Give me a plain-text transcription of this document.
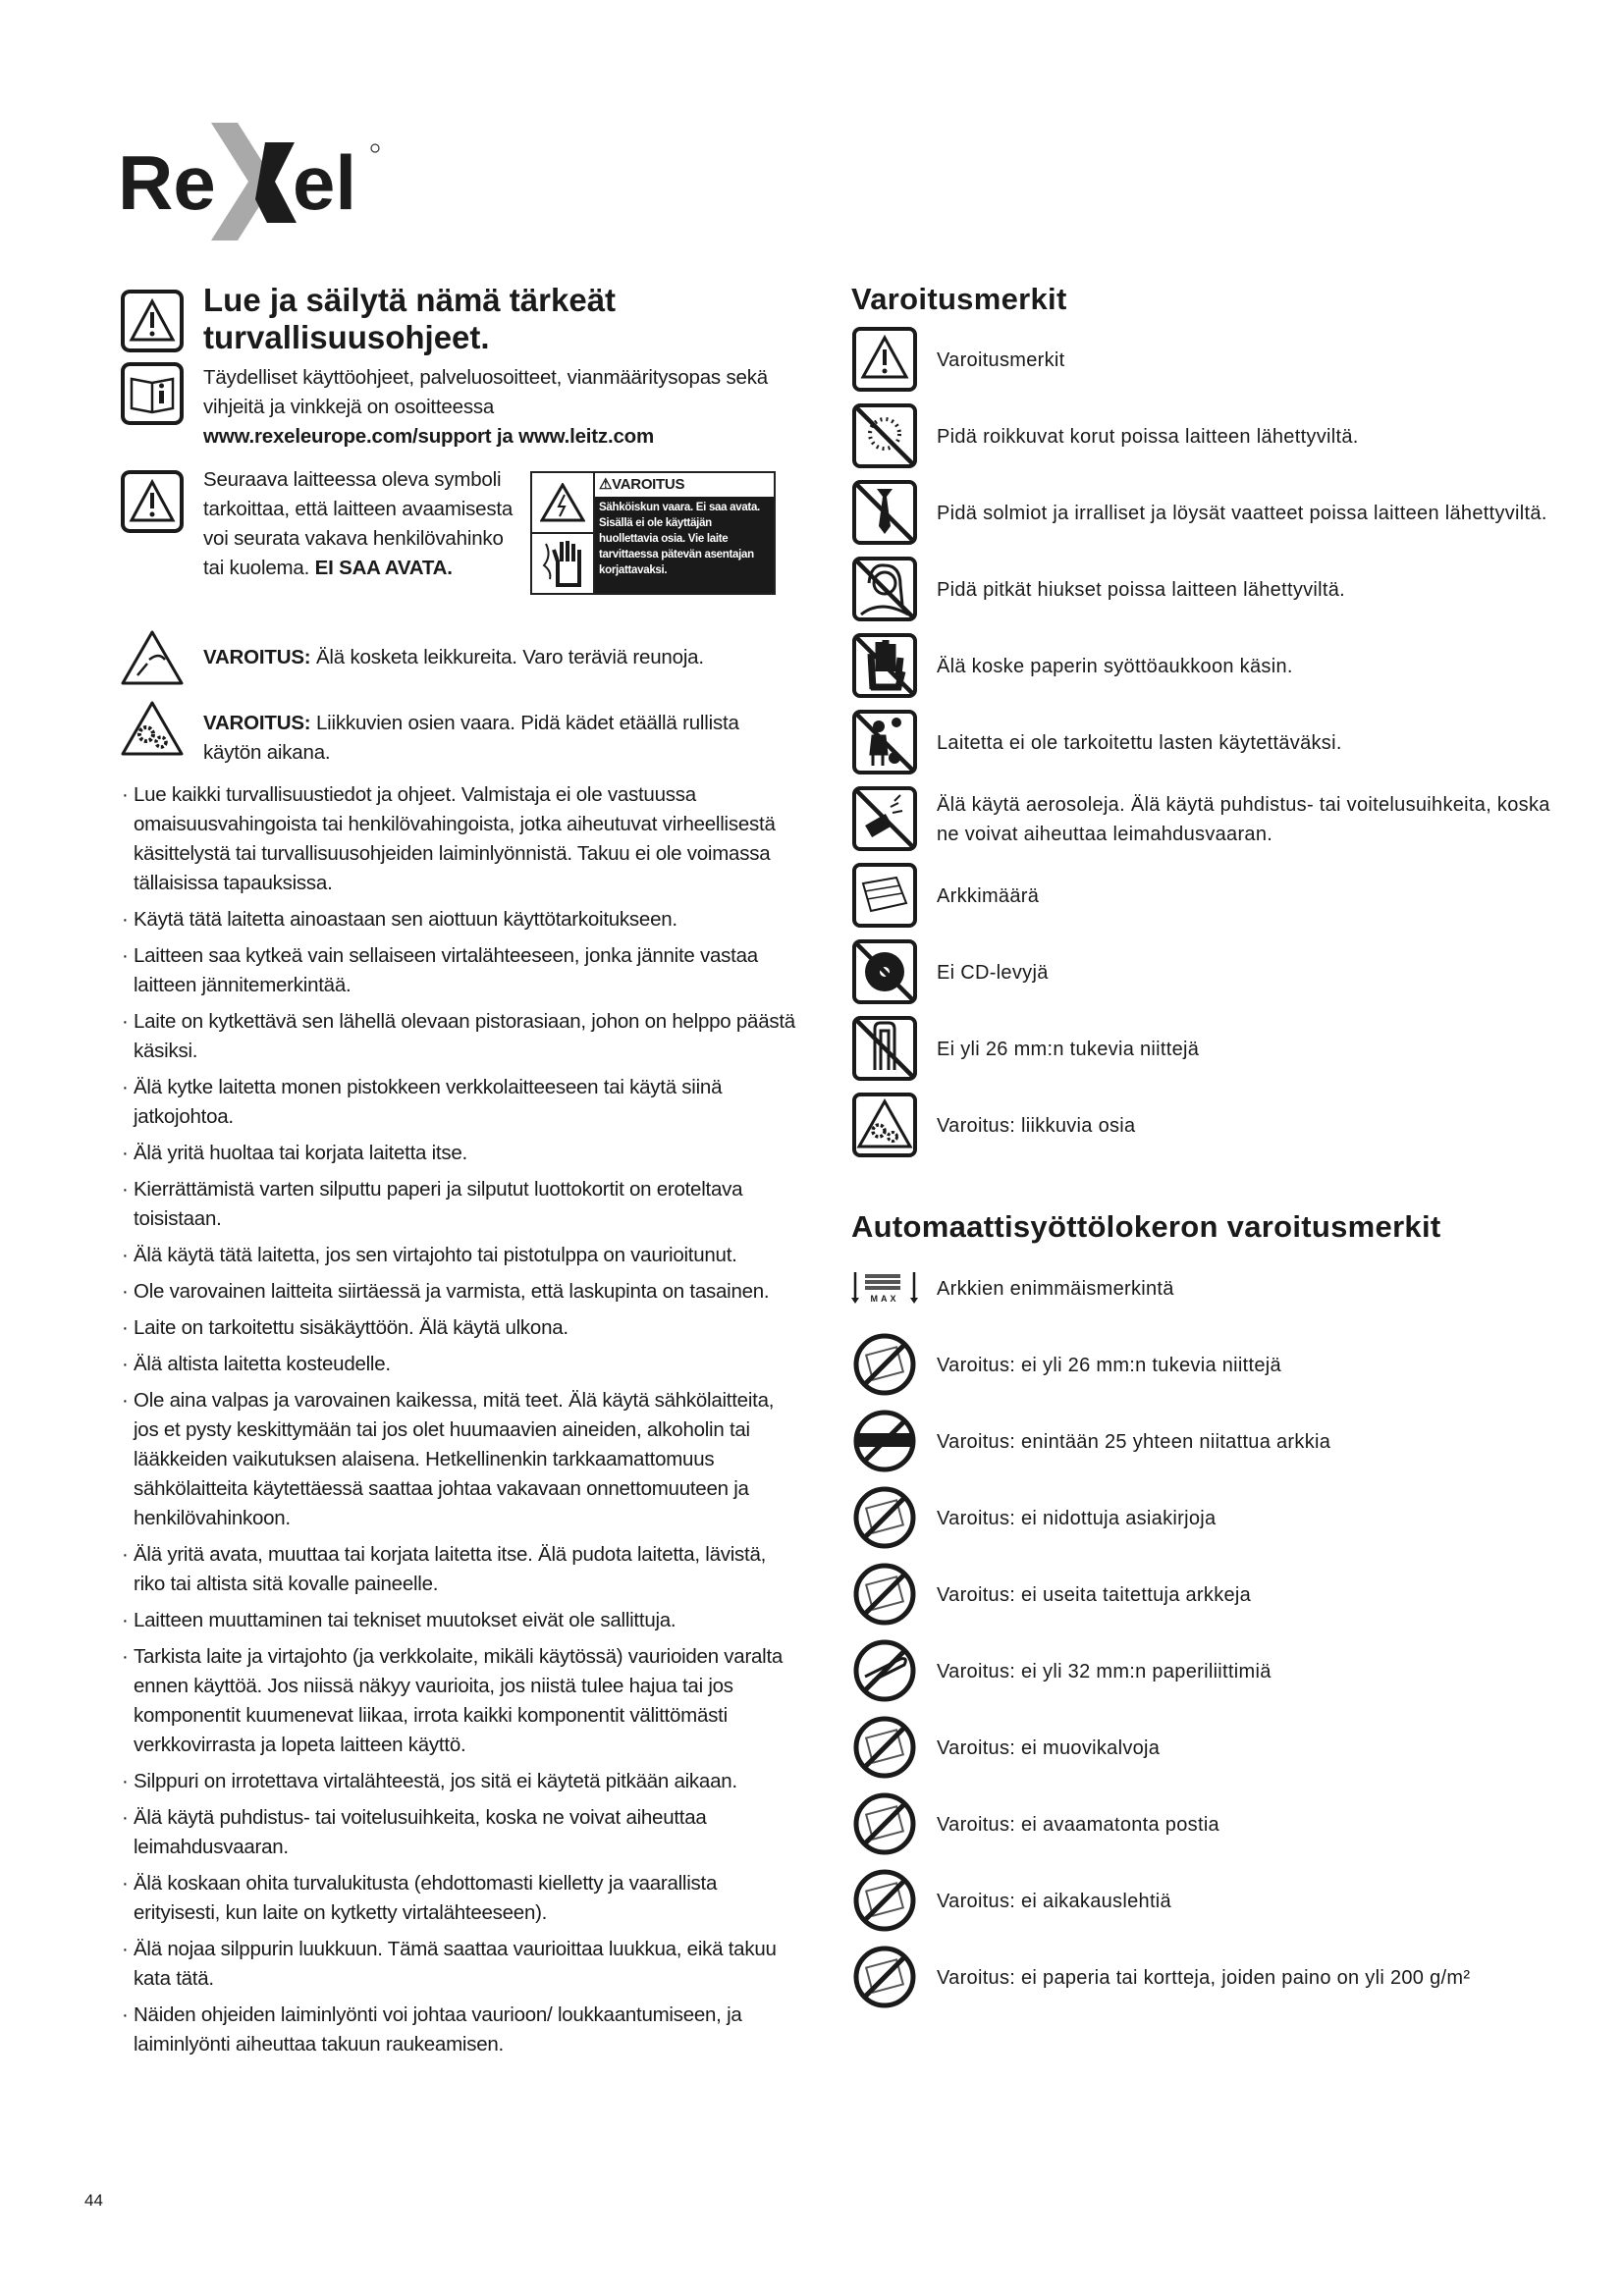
Re el
Lue ja säilytä nämä tärkeät turvallisuusohjeet.
Täydelliset käyttöohjeet, palveluosoitteet, vianmääritysopas sekä vihjeitä ja vinkkejä on osoitteessa
www.rexeleurope.com/support ja www.leitz.com
Seuraava laitteessa oleva symboli tarkoittaa, että laitteen avaamisesta voi seurata vakava henkilövahinko tai kuolema. EI SAA AVATA.
⚠VAROITUS
Sähköiskun vaara. Ei saa avata. Sisällä ei ole käyttäjän huollettavia osia. Vie laite tarvittaessa pätevän asentajan korjattavaksi.
VAROITUS: Älä kosketa leikkureita. Varo teräviä reunoja.
VAROITUS: Liikkuvien osien vaara. Pidä kädet etäällä rullista käytön aikana.
· Lue kaikki turvallisuustiedot ja ohjeet. Valmistaja ei ole vastuussa omaisuusvahingoista tai henkilövahingoista, jotka aiheutuvat virheellisestä käsittelystä tai turvallisuusohjeiden laiminlyönnistä. Takuu ei ole voimassa tällaisissa tapauksissa.
· Käytä tätä laitetta ainoastaan sen aiottuun käyttötarkoitukseen.
· Laitteen saa kytkeä vain sellaiseen virtalähteeseen, jonka jännite vastaa laitteen jännitemerkintää.
· Laite on kytkettävä sen lähellä olevaan pistorasiaan, johon on helppo päästä käsiksi.
· Älä kytke laitetta monen pistokkeen verkkolaitteeseen tai käytä siinä jatkojohtoa.
· Älä yritä huoltaa tai korjata laitetta itse.
· Kierrättämistä varten silputtu paperi ja silputut luottokortit on eroteltava toisistaan.
· Älä käytä tätä laitetta, jos sen virtajohto tai pistotulppa on vaurioitunut.
· Ole varovainen laitteita siirtäessä ja varmista, että laskupinta on tasainen.
· Laite on tarkoitettu sisäkäyttöön. Älä käytä ulkona.
· Älä altista laitetta kosteudelle.
· Ole aina valpas ja varovainen kaikessa, mitä teet. Älä käytä sähkölaitteita, jos et pysty keskittymään tai jos olet huumaavien aineiden, alkoholin tai lääkkeiden vaikutuksen alaisena. Hetkellinenkin tarkkaamattomuus sähkölaitteita käytettäessä saattaa johtaa vakavaan onnettomuuteen ja henkilövahinkoon.
· Älä yritä avata, muuttaa tai korjata laitetta itse. Älä pudota laitetta, lävistä, riko tai altista sitä kovalle paineelle.
· Laitteen muuttaminen tai tekniset muutokset eivät ole sallittuja.
· Tarkista laite ja virtajohto (ja verkkolaite, mikäli käytössä) vaurioiden varalta ennen käyttöä. Jos niissä näkyy vaurioita, jos niistä tulee hajua tai jos komponentit kuumenevat liikaa, irrota kaikki komponentit välittömästi verkkovirrasta ja lopeta laitteen käyttö.
· Silppuri on irrotettava virtalähteestä, jos sitä ei käytetä pitkään aikaan.
· Älä käytä puhdistus- tai voitelusuihkeita, koska ne voivat aiheuttaa leimahdusvaaran.
· Älä koskaan ohita turvalukitusta (ehdottomasti kielletty ja vaarallista erityisesti, kun laite on kytketty virtalähteeseen).
· Älä nojaa silppurin luukkuun. Tämä saattaa vaurioittaa luukkua, eikä takuu kata tätä.
· Näiden ohjeiden laiminlyönti voi johtaa vaurioon/ loukkaantumiseen, ja laiminlyönti aiheuttaa takuun raukeamisen.
Varoitusmerkit
Varoitusmerkit
Pidä roikkuvat korut poissa laitteen lähettyviltä.
Pidä solmiot ja irralliset ja löysät vaatteet poissa laitteen lähettyviltä.
Pidä pitkät hiukset poissa laitteen lähettyviltä.
Älä koske paperin syöttöaukkoon käsin.
Laitetta ei ole tarkoitettu lasten käytettäväksi.
Älä käytä aerosoleja. Älä käytä puhdistus- tai voitelusuihkeita, koska ne voivat aiheuttaa leimahdusvaaran.
Arkkimäärä
Ei CD-levyjä
Ei yli 26 mm:n tukevia niittejä
Varoitus: liikkuvia osia
Automaattisyöttölokeron varoitusmerkit
MAX Arkkien enimmäismerkintä
Varoitus: ei yli 26 mm:n tukevia niittejä
Varoitus: enintään 25 yhteen niitattua arkkia
Varoitus: ei nidottuja asiakirjoja
Varoitus: ei useita taitettuja arkkeja
Varoitus: ei yli 32 mm:n paperiliittimiä
Varoitus: ei muovikalvoja
Varoitus: ei avaamatonta postia
Varoitus: ei aikakauslehtiä
Varoitus: ei paperia tai kortteja, joiden paino on yli 200 g/m²
44
